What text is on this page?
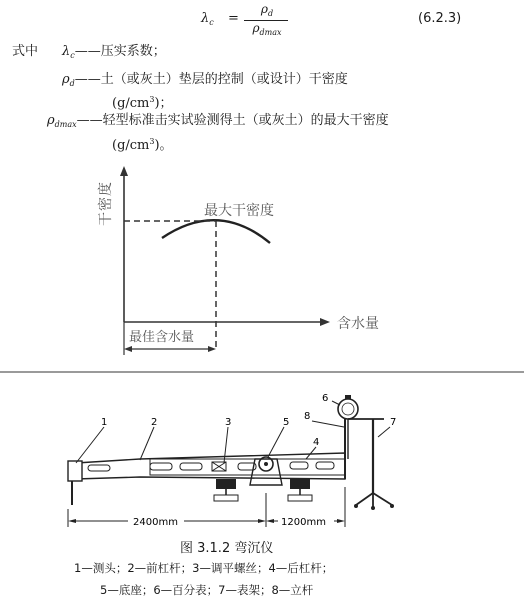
$\lambda_c$ =
$\rho_d$
$\rho_{dmax}$
(6.2.3)
式中 $\lambda_c——$压实系数；
$\rho_d——$土（或灰土）垫层的控制（或设计）干密度
$(g/cm^3)$；
$\rho_{dmax}——$轻型标准击实试验测得土（或灰土）的最大干密度
$(g/cm^3)$。
干密度	最大干密度
含水量
最佳含水量
1	2	3
4
5
6
7
8
2400mm	1200mm
图 3.1.2 弯沉仪
1—测头；2—前杠杆；3—调平螺丝；4—后杠杆；
5—底座；6—百分表；7—表架；8—立杆
